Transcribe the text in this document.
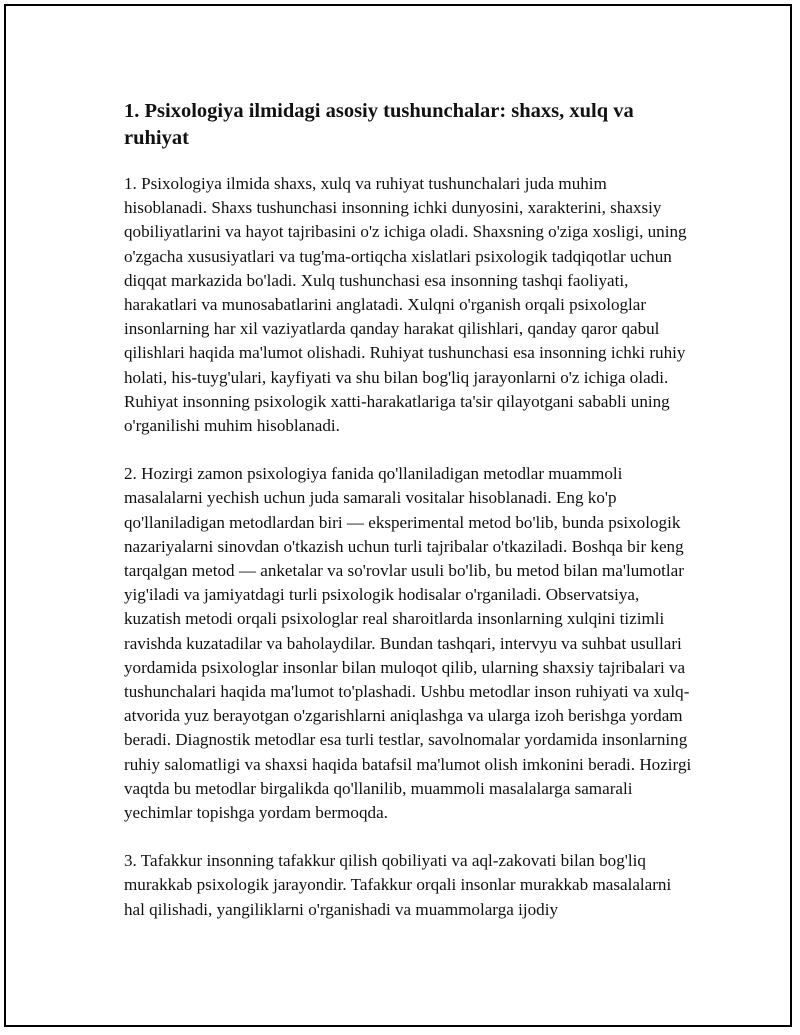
1. Psixologiya ilmidagi asosiy tushunchalar: shaxs, xulq va ruhiyat

1. Psixologiya ilmida shaxs, xulq va ruhiyat tushunchalari juda muhim hisoblanadi. Shaxs tushunchasi insonning ichki dunyosini, xarakterini, shaxsiy qobiliyatlarini va hayot tajribasini o'z ichiga oladi. Shaxsning o'ziga xosligi, uning o'zgacha xususiyatlari va tug'ma-ortiqcha xislatlari psixologik tadqiqotlar uchun diqqat markazida bo'ladi. Xulq tushunchasi esa insonning tashqi faoliyati, harakatlari va munosabatlarini anglatadi. Xulqni o'rganish orqali psixologlar insonlarning har xil vaziyatlarda qanday harakat qilishlari, qanday qaror qabul qilishlari haqida ma'lumot olishadi. Ruhiyat tushunchasi esa insonning ichki ruhiy holati, his-tuyg'ulari, kayfiyati va shu bilan bog'liq jarayonlarni o'z ichiga oladi. Ruhiyat insonning psixologik xatti-harakatlariga ta'sir qilayotgani sababli uning o'rganilishi muhim hisoblanadi.

2. Hozirgi zamon psixologiya fanida qo'llaniladigan metodlar muammoli masalalarni yechish uchun juda samarali vositalar hisoblanadi. Eng ko'p qo'llaniladigan metodlardan biri — eksperimental metod bo'lib, bunda psixologik nazariyalarni sinovdan o'tkazish uchun turli tajribalar o'tkaziladi. Boshqa bir keng tarqalgan metod — anketalar va so'rovlar usuli bo'lib, bu metod bilan ma'lumotlar yig'iladi va jamiyatdagi turli psixologik hodisalar o'rganiladi. Observatsiya, kuzatish metodi orqali psixologlar real sharoitlarda insonlarning xulqini tizimli ravishda kuzatadilar va baholaydilar. Bundan tashqari, intervyu va suhbat usullari yordamida psixologlar insonlar bilan muloqot qilib, ularning shaxsiy tajribalari va tushunchalari haqida ma'lumot to'plashadi. Ushbu metodlar inson ruhiyati va xulq-atvorida yuz berayotgan o'zgarishlarni aniqlashga va ularga izoh berishga yordam beradi. Diagnostik metodlar esa turli testlar, savolnomalar yordamida insonlarning ruhiy salomatligi va shaxsi haqida batafsil ma'lumot olish imkonini beradi. Hozirgi vaqtda bu metodlar birgalikda qo'llanilib, muammoli masalalarga samarali yechimlar topishga yordam bermoqda.

3. Tafakkur insonning tafakkur qilish qobiliyati va aql-zakovati bilan bog'liq murakkab psixologik jarayondir. Tafakkur orqali insonlar murakkab masalalarni hal qilishadi, yangiliklarni o'rganishadi va muammolarga ijodiy
